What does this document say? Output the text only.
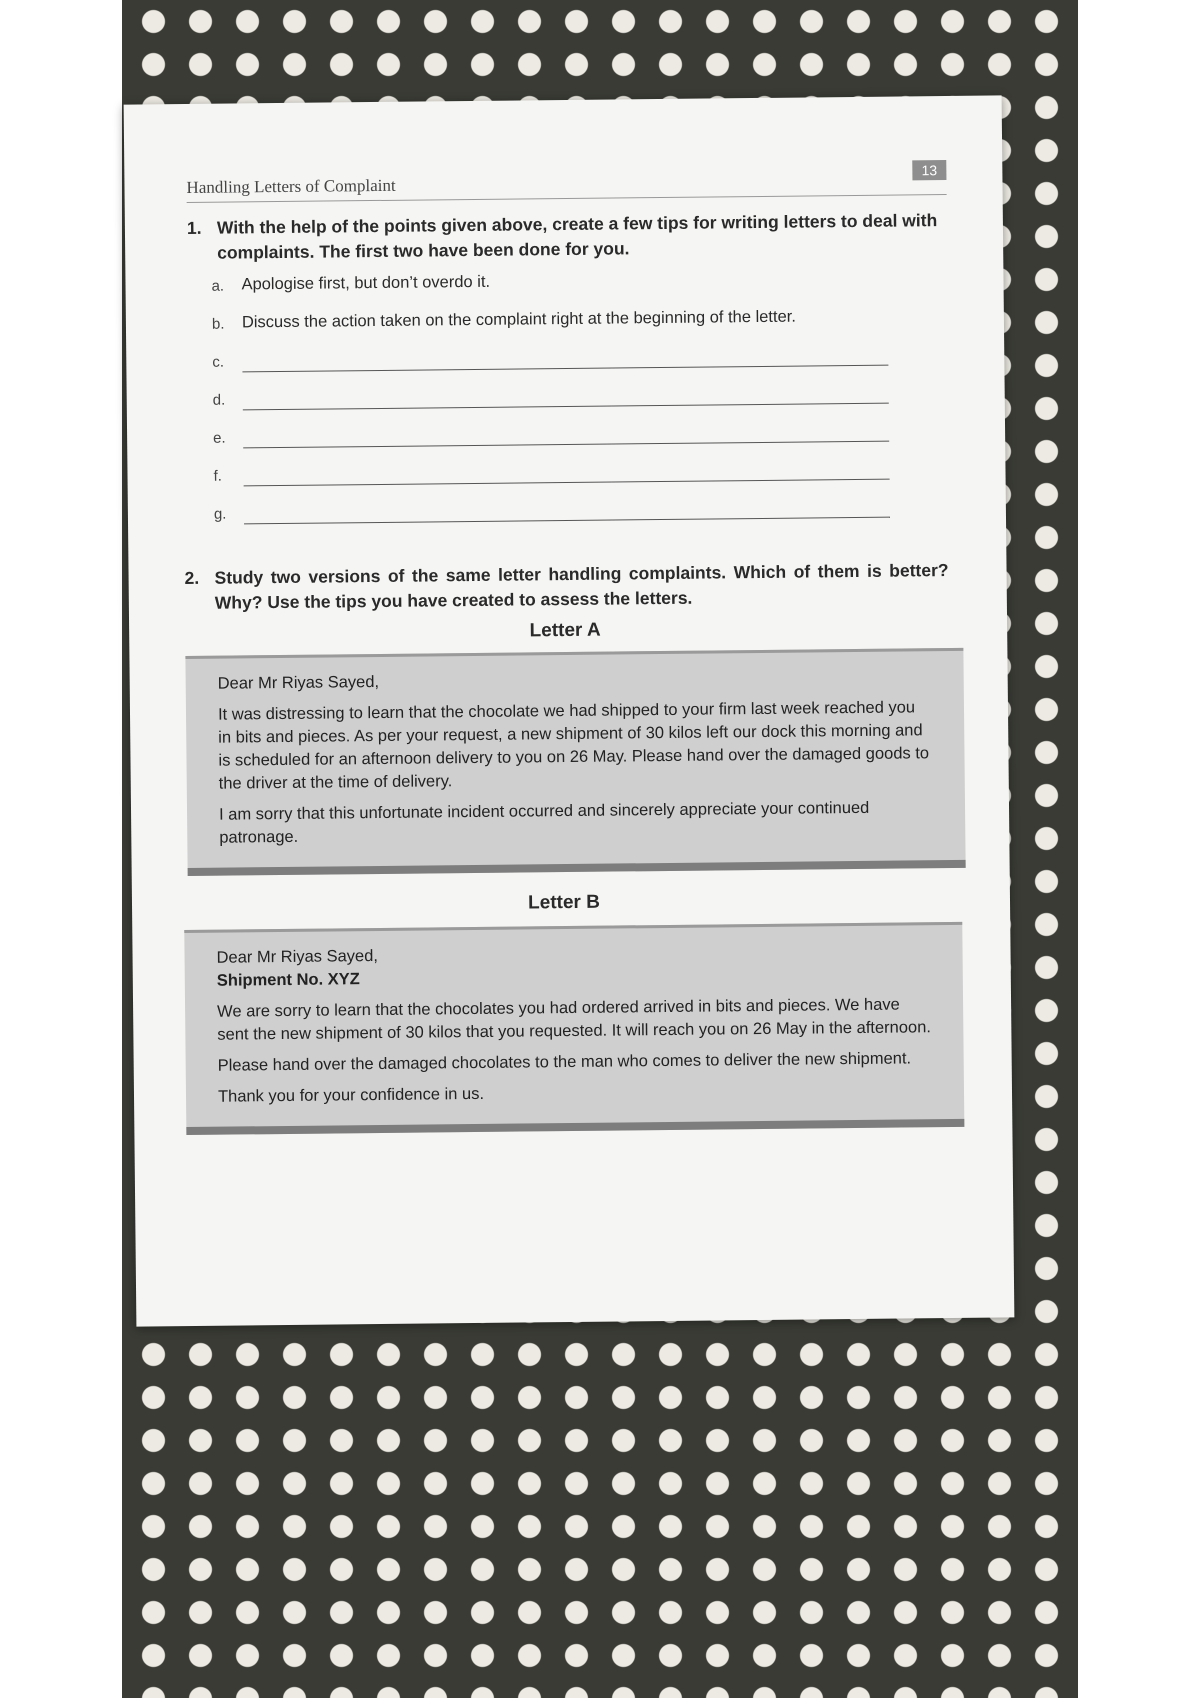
Handling Letters of Complaint
13
1. With the help of the points given above, create a few tips for writing letters to deal with complaints. The first two have been done for you.
a. Apologise first, but don’t overdo it.
b. Discuss the action taken on the complaint right at the beginning of the letter.
c.
d.
e.
f.
g.
2. Study two versions of the same letter handling complaints. Which of them is better? Why? Use the tips you have created to assess the letters.
Letter A

Dear Mr Riyas Sayed,

It was distressing to learn that the chocolate we had shipped to your firm last week reached you in bits and pieces. As per your request, a new shipment of 30 kilos left our dock this morning and is scheduled for an afternoon delivery to you on 26 May. Please hand over the damaged goods to the driver at the time of delivery.

I am sorry that this unfortunate incident occurred and sincerely appreciate your continued patronage.

Letter B
Dear Mr Riyas Sayed,

Shipment No. XYZ

We are sorry to learn that the chocolates you had ordered arrived in bits and pieces. We have sent the new shipment of 30 kilos that you requested. It will reach you on 26 May in the afternoon.

Please hand over the damaged chocolates to the man who comes to deliver the new shipment.

Thank you for your confidence in us.
